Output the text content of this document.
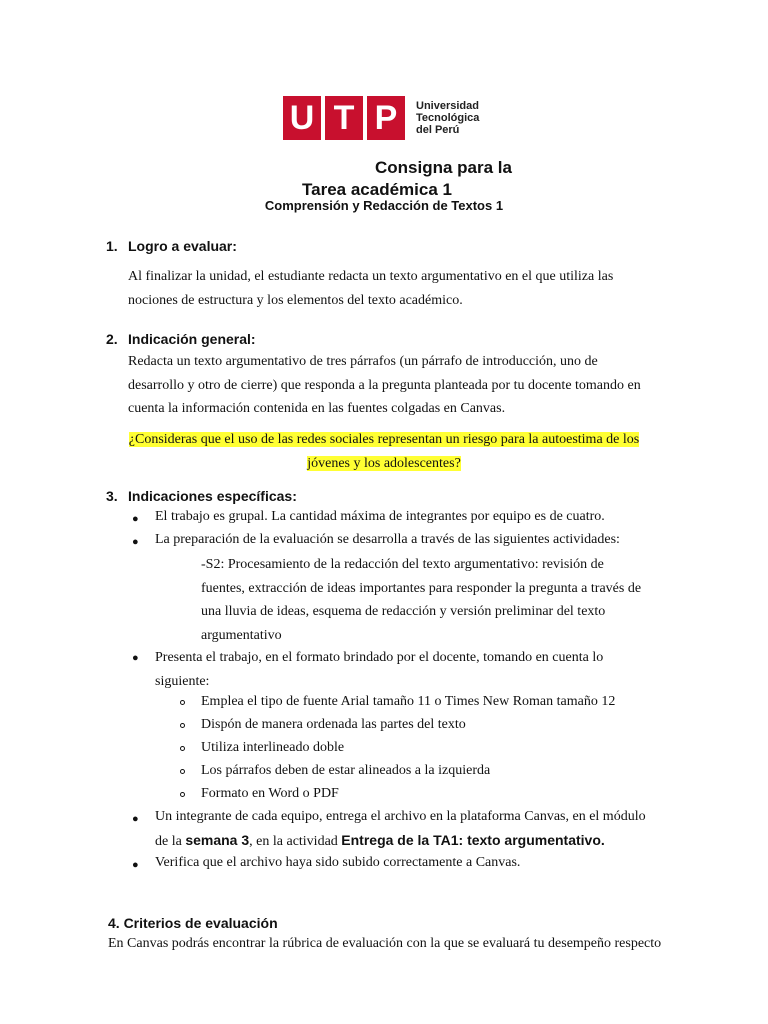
U T P	Universidad
Tecnológica
del Perú
Consigna para la
Tarea académica 1
Comprensión y Redacción de Textos 1
1. Logro a evaluar:
Al finalizar la unidad, el estudiante redacta un texto argumentativo en el que utiliza las
nociones de estructura y los elementos del texto académico.
2. Indicación general:
Redacta un texto argumentativo de tres párrafos (un párrafo de introducción, uno de
desarrollo y otro de cierre) que responda a la pregunta planteada por tu docente tomando en
cuenta la información contenida en las fuentes colgadas en Canvas.
¿Consideras que el uso de las redes sociales representan un riesgo para la autoestima de los
jóvenes y los adolescentes?
3. Indicaciones específicas:
● El trabajo es grupal. La cantidad máxima de integrantes por equipo es de cuatro.
● La preparación de la evaluación se desarrolla a través de las siguientes actividades:
-S2: Procesamiento de la redacción del texto argumentativo: revisión de
fuentes, extracción de ideas importantes para responder la pregunta a través de
una lluvia de ideas, esquema de redacción y versión preliminar del texto
argumentativo
● Presenta el trabajo, en el formato brindado por el docente, tomando en cuenta lo
siguiente:
Emplea el tipo de fuente Arial tamaño 11 o Times New Roman tamaño 12
Dispón de manera ordenada las partes del texto
Utiliza interlineado doble
Los párrafos deben de estar alineados a la izquierda
Formato en Word o PDF
● Un integrante de cada equipo, entrega el archivo en la plataforma Canvas, en el módulo
de la semana 3, en la actividad Entrega de la TA1: texto argumentativo.
● Verifica que el archivo haya sido subido correctamente a Canvas.
4. Criterios de evaluación
En Canvas podrás encontrar la rúbrica de evaluación con la que se evaluará tu desempeño respecto
